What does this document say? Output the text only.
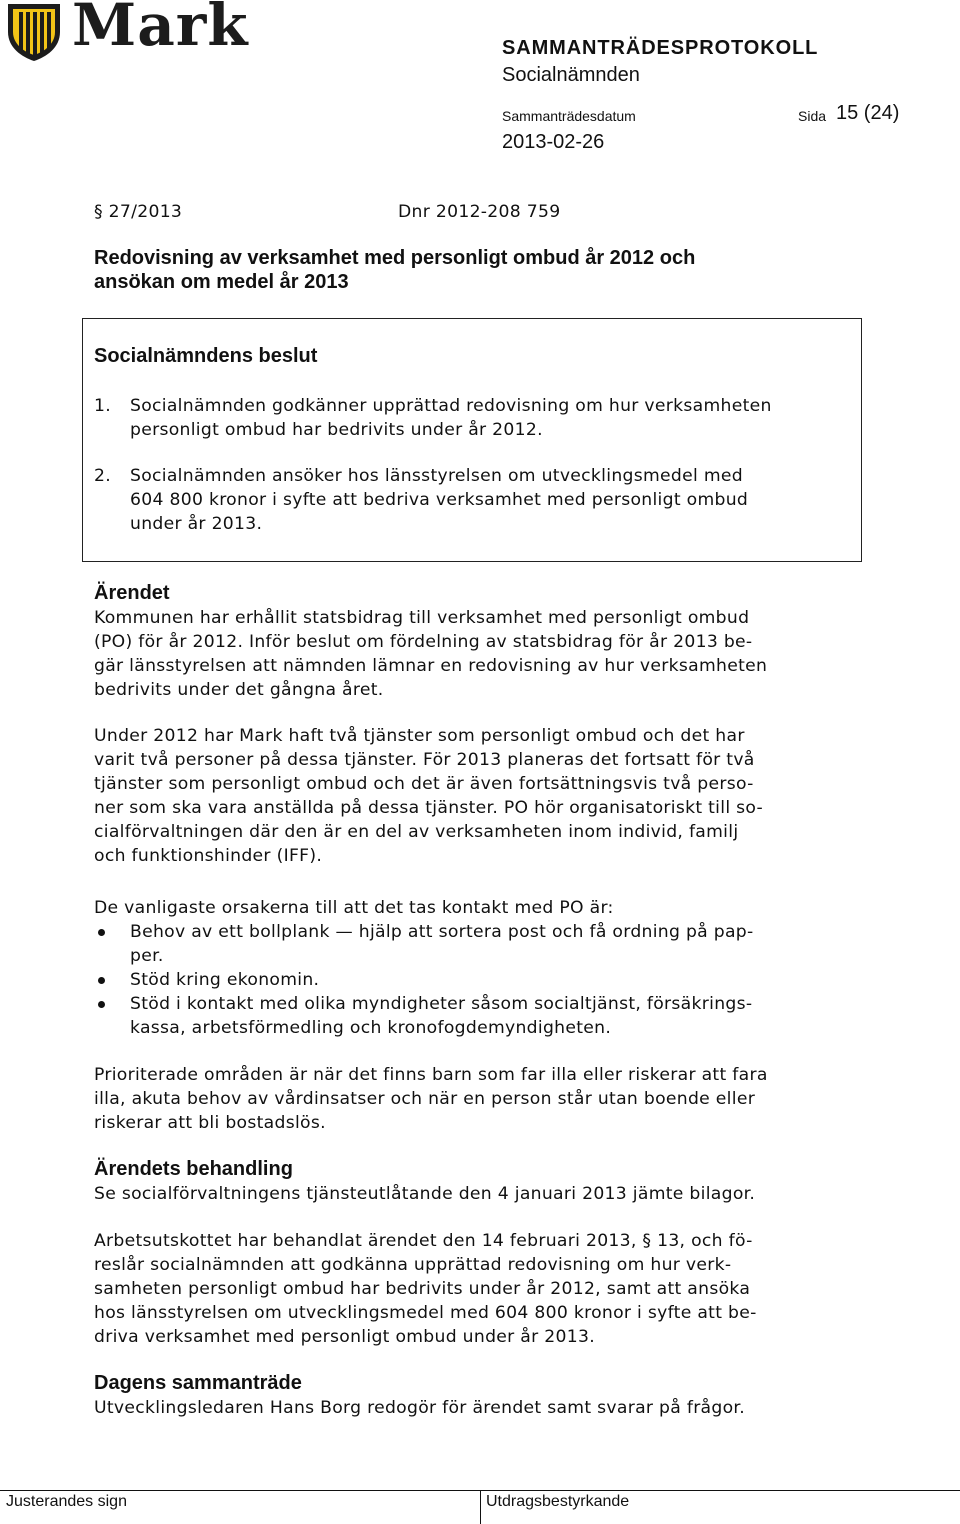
Mark	SAMMANTRÄDESPROTOKOLL
Socialnämnden
Sammanträdesdatum	Sida 15 (24)
2013-02-26
§ 27/2013	Dnr 2012-208 759
Redovisning av verksamhet med personligt ombud år 2012 och
ansökan om medel år 2013
Socialnämndens beslut
1. Socialnämnden godkänner upprättad redovisning om hur verksamheten
personligt ombud har bedrivits under år 2012.
2. Socialnämnden ansöker hos länsstyrelsen om utvecklingsmedel med
604 800 kronor i syfte att bedriva verksamhet med personligt ombud
under år 2013.
Ärendet
Kommunen har erhållit statsbidrag till verksamhet med personligt ombud
(PO) för år 2012. Inför beslut om fördelning av statsbidrag för år 2013 be-
gär länsstyrelsen att nämnden lämnar en redovisning av hur verksamheten
bedrivits under det gångna året.
Under 2012 har Mark haft två tjänster som personligt ombud och det har
varit två personer på dessa tjänster. För 2013 planeras det fortsatt för två
tjänster som personligt ombud och det är även fortsättningsvis två perso-
ner som ska vara anställda på dessa tjänster. PO hör organisatoriskt till so-
cialförvaltningen där den är en del av verksamheten inom individ, familj
och funktionshinder (IFF).
De vanligaste orsakerna till att det tas kontakt med PO är:
Behov av ett bollplank — hjälp att sortera post och få ordning på pap-
per.
Stöd kring ekonomin.
Stöd i kontakt med olika myndigheter såsom socialtjänst, försäkrings-
kassa, arbetsförmedling och kronofogdemyndigheten.
Prioriterade områden är när det finns barn som far illa eller riskerar att fara
illa, akuta behov av vårdinsatser och när en person står utan boende eller
riskerar att bli bostadslös.
Ärendets behandling
Se socialförvaltningens tjänsteutlåtande den 4 januari 2013 jämte bilagor.
Arbetsutskottet har behandlat ärendet den 14 februari 2013, § 13, och fö-
reslår socialnämnden att godkänna upprättad redovisning om hur verk-
samheten personligt ombud har bedrivits under år 2012, samt att ansöka
hos länsstyrelsen om utvecklingsmedel med 604 800 kronor i syfte att be-
driva verksamhet med personligt ombud under år 2013.
Dagens sammanträde
Utvecklingsledaren Hans Borg redogör för ärendet samt svarar på frågor.
Justerandes sign	Utdragsbestyrkande
